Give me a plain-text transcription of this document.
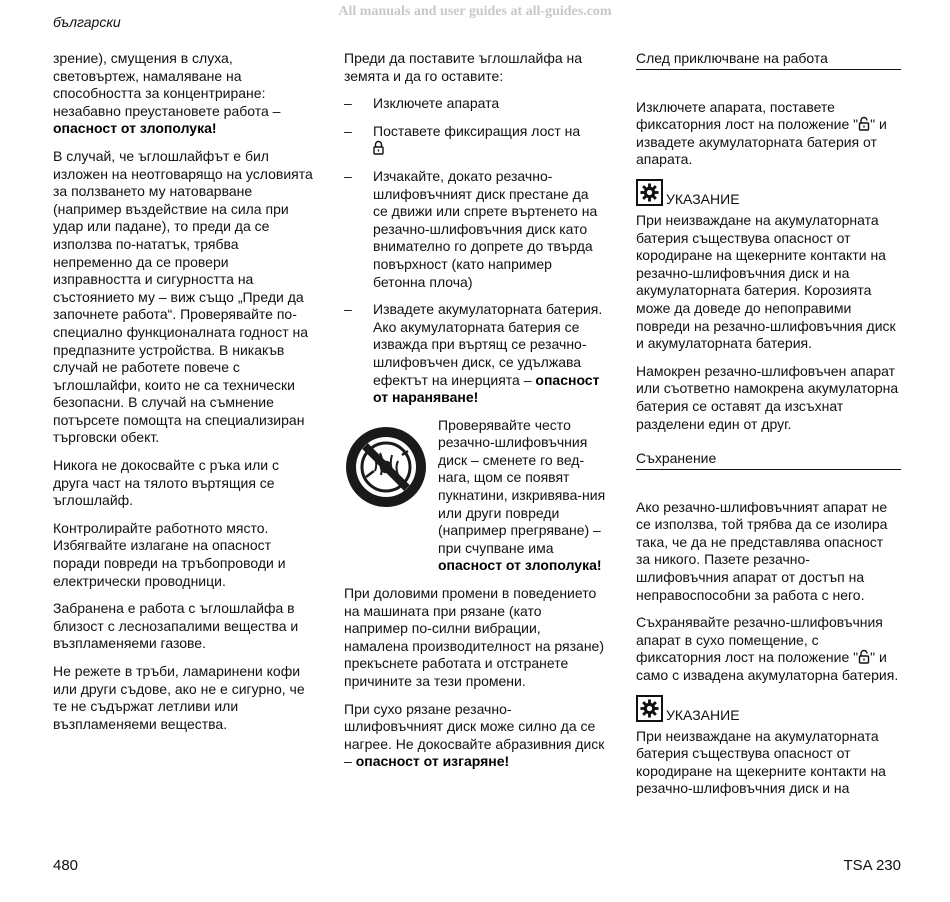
All manuals and user guides at all-guides.com
български

зрение), смущения в слуха, световъртеж, намаляване на способността за концентриране: незабавно преустановете работа – опасност от злополука!

В случай, че ъглошлайфът е бил изложен на неотговарящо на условията за ползването му натоварване (например въздействие на сила при удар или падане), то преди да се използва по-нататък, трябва непременно да се провери изправността и сигурността на състоянието му – виж също „Преди да започнете работа“. Проверявайте по-специално функционалната годност на предпазните устройства. В никакъв случай не работете повече с ъглошлайфи, които не са технически безопасни. В случай на съмнение потърсете помощта на специализиран търговски обект.

Никога не докосвайте с ръка или с друга част на тялото въртящия се ъглошлайф.

Контролирайте работното място. Избягвайте излагане на опасност поради повреди на тръбопроводи и електрически проводници.

Забранена е работа с ъглошлайфа в близост с леснозапалими вещества и възпламеняеми газове.

Не режете в тръби, ламаринени кофи или други съдове, ако не е сигурно, че те не съдържат летливи или възпламеняеми вещества.

Преди да поставите ъглошлайфа на земята и да го оставите:

–	Изключете апарата
–	Поставете фиксиращия лост на

–	Изчакайте, докато резачно-шлифовъчният диск престане да се движи или спрете въртенето на резачно-шлифовъчния диск като внимателно го допрете до твърда повърхност (като например бетонна плоча)
–	Извадете акумулаторната батерия. Ако акумулаторната батерия се изважда при въртящ се резачно-шлифовъчен диск, се удължава ефектът на инерцията – опасност от нараняване!
Проверявайте често резачно-шлифовъчния диск – сменете го вед-нага, щом се появят пукнатини, изкривява-ния или други повреди (например прегряване) – при счупване има опасност от злополука!

При доловими промени в поведението на машината при рязане (като например по-силни вибрации, намалена производителност на рязане) прекъснете работата и отстранете причините за тези промени.

При сухо рязане резачно-шлифовъчният диск може силно да се нагрее. Не докосвайте абразивния диск – опасност от изгаряне!

След приключване на работа

Изключете апарата, поставете фиксаторния лост на положение " " и извадете акумулаторната батерия от апарата.

УКАЗАНИЕ

При неизваждане на акумулаторната батерия съществува опасност от кородиране на щекерните контакти на резачно-шлифовъчния диск и на акумулаторната батерия. Корозията може да доведе до непоправими повреди на резачно-шлифовъчния диск и акумулаторната батерия.

Намокрен резачно-шлифовъчен апарат или съответно намокрена акумулаторна батерия се оставят да изсъхнат разделени един от друг.

Съхранение

Ако резачно-шлифовъчният апарат не се използва, той трябва да се изолира така, че да не представлява опасност за никого. Пазете резачно-шлифовъчния апарат от достъп на неправоспособни за работа с него.

Съхранявайте резачно-шлифовъчния апарат в сухо помещение, с фиксаторния лост на положение " " и само с извадена акумулаторна батерия.

УКАЗАНИЕ

При неизваждане на акумулаторната батерия съществува опасност от кородиране на щекерните контакти на резачно-шлифовъчния диск и на

480	TSA 230
